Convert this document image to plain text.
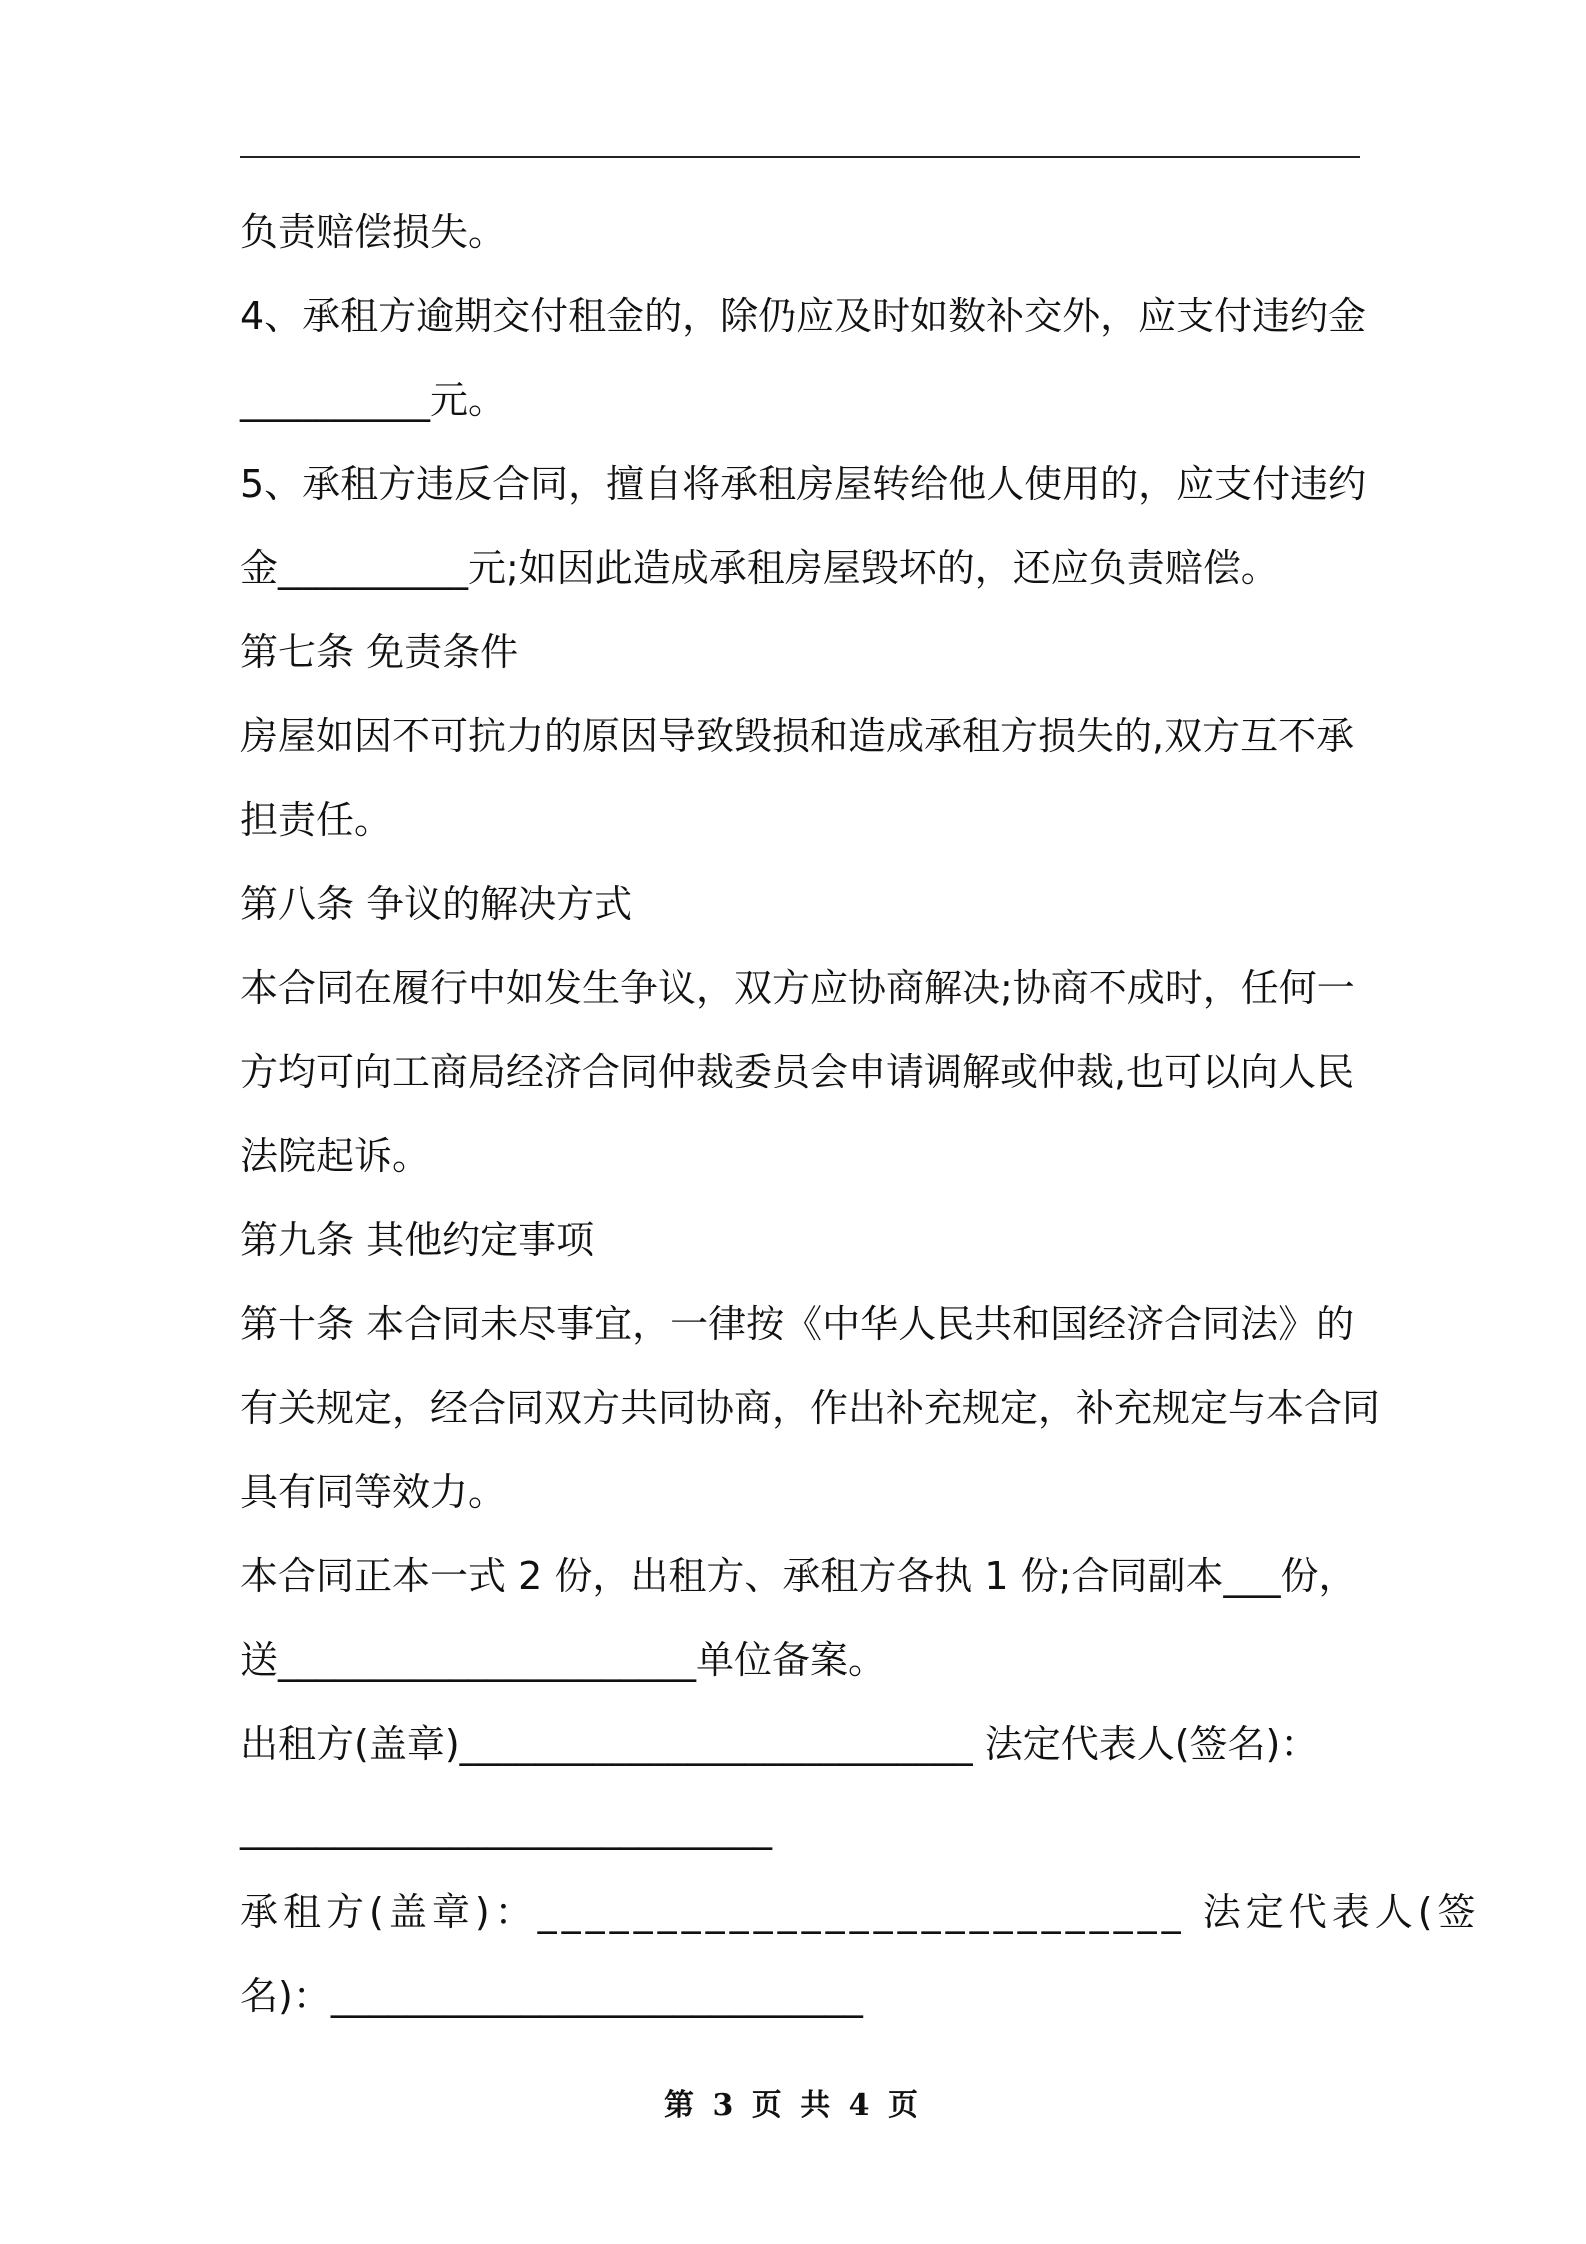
负责赔偿损失。
4、承租方逾期交付租金的，除仍应及时如数补交外，应支付违约金
__________元。
5、承租方违反合同，擅自将承租房屋转给他人使用的，应支付违约
金__________元;如因此造成承租房屋毁坏的，还应负责赔偿。
第七条 免责条件
房屋如因不可抗力的原因导致毁损和造成承租方损失的,双方互不承
担责任。
第八条 争议的解决方式
本合同在履行中如发生争议，双方应协商解决;协商不成时，任何一
方均可向工商局经济合同仲裁委员会申请调解或仲裁,也可以向人民
法院起诉。
第九条 其他约定事项
第十条 本合同未尽事宜，一律按《中华人民共和国经济合同法》的
有关规定，经合同双方共同协商，作出补充规定，补充规定与本合同
具有同等效力。
本合同正本一式 2 份，出租方、承租方各执 1 份;合同副本___份，
送______________________单位备案。
出租方(盖章)___________________________ 法定代表人(签名)：
____________________________
承租方(盖章)：___________________________ 法定代表人(签
名)：____________________________
第 3 页 共 4 页
